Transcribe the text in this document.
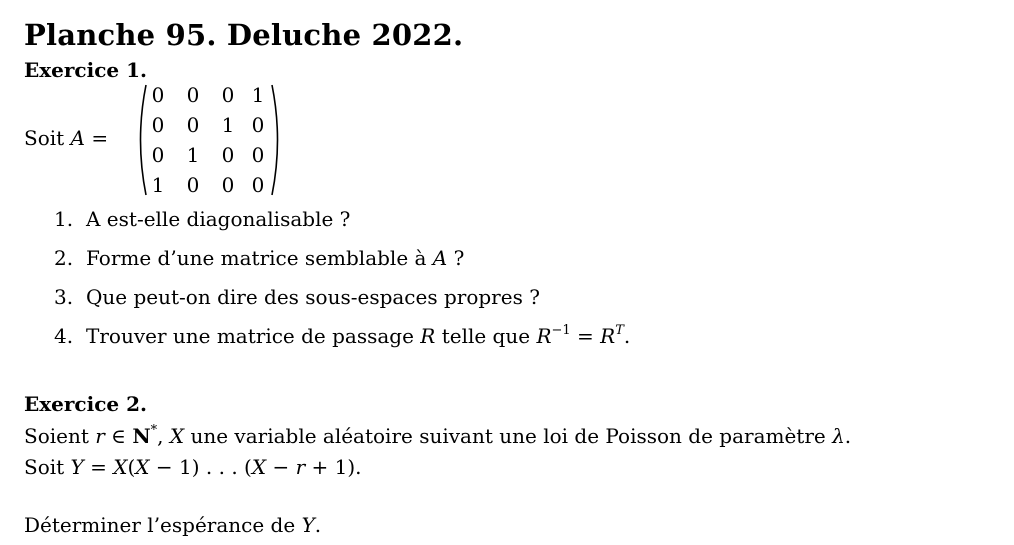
Planche 95. Deluche 2022.
Exercice 1.
Soit A =
0 0 0 1
0 0 1 0
0 1 0 0
1 0 0 0
1. A est-elle diagonalisable ?
2. Forme d’une matrice semblable à A ?
3. Que peut-on dire des sous-espaces propres ?
4. Trouver une matrice de passage R telle que $R^{-1} = R^T$.
Exercice 2.
Soient r ∈ N*, X une variable aléatoire suivant une loi de Poisson de paramètre λ.
Soit Y = X(X − 1) . . . (X − r + 1).
Déterminer l’espérance de Y.
